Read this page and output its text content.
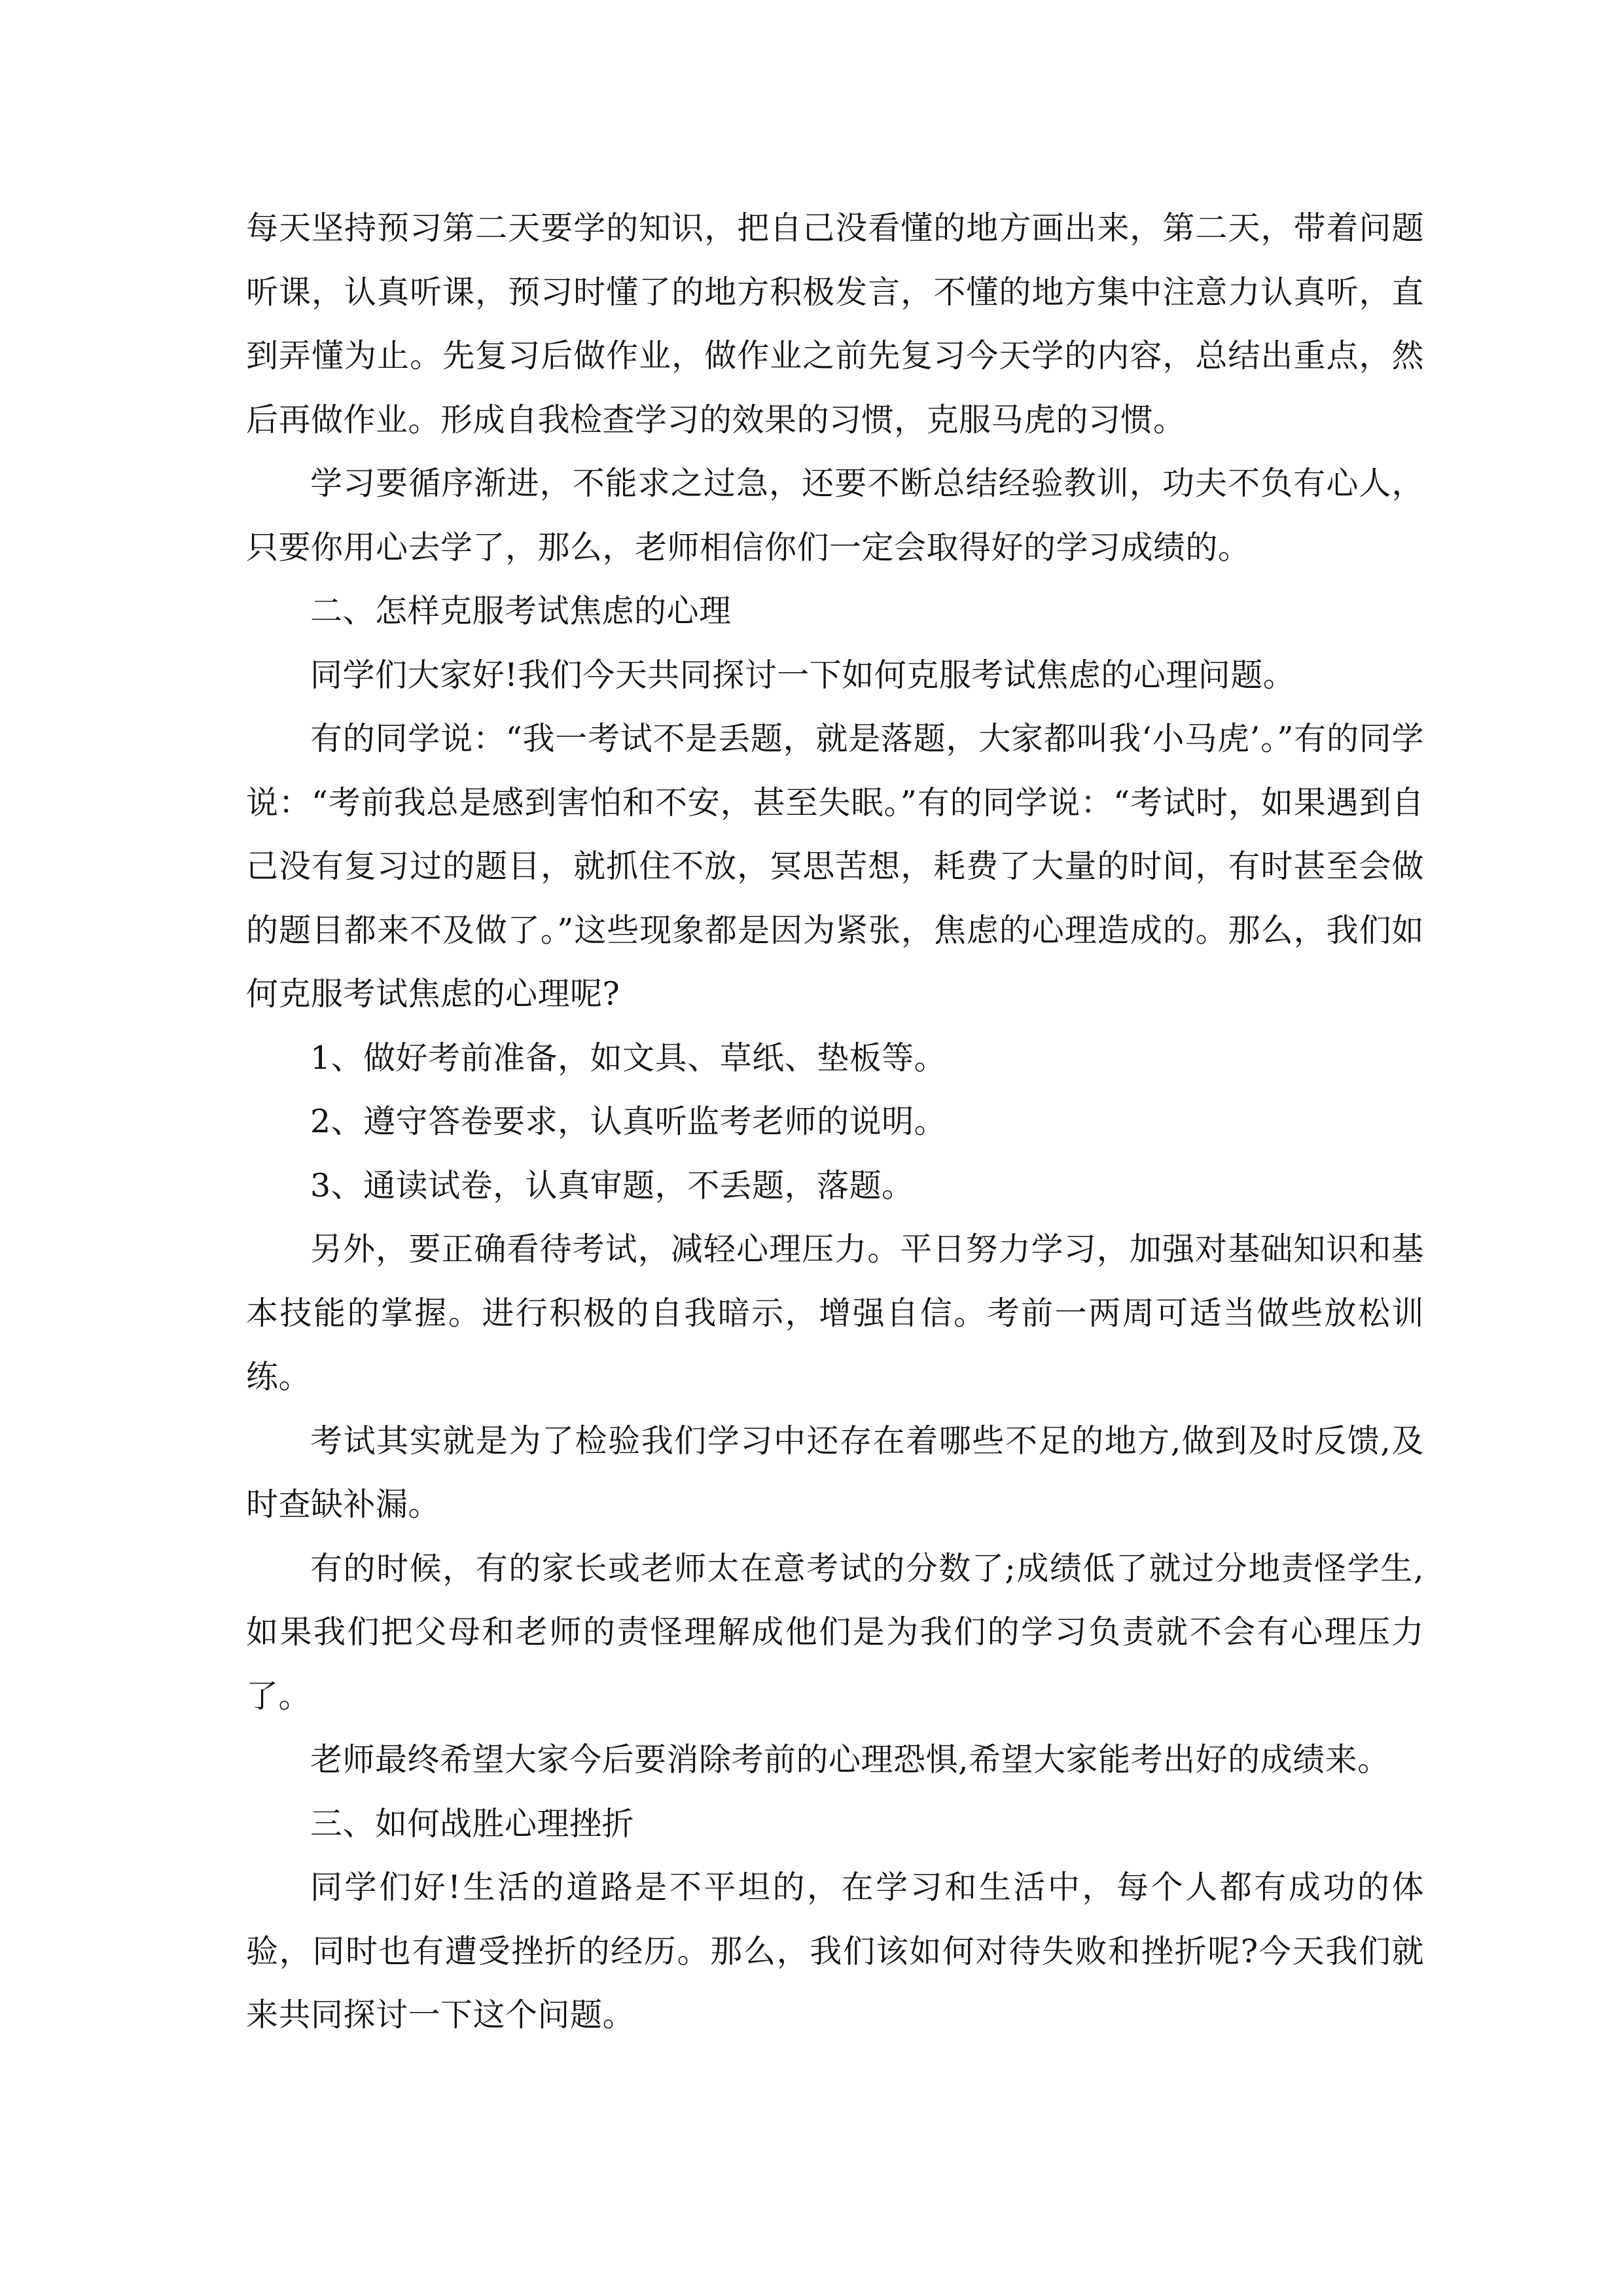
每天坚持预习第二天要学的知识，把自己没看懂的地方画出来，第二天，带着问题听课，认真听课，预习时懂了的地方积极发言，不懂的地方集中注意力认真听，直到弄懂为止。先复习后做作业，做作业之前先复习今天学的内容，总结出重点，然后再做作业。形成自我检查学习的效果的习惯，克服马虎的习惯。

学习要循序渐进，不能求之过急，还要不断总结经验教训，功夫不负有心人，只要你用心去学了，那么，老师相信你们一定会取得好的学习成绩的。

二、怎样克服考试焦虑的心理

同学们大家好!我们今天共同探讨一下如何克服考试焦虑的心理问题。

有的同学说：“我一考试不是丢题，就是落题，大家都叫我‘小马虎’。”有的同学说：“考前我总是感到害怕和不安，甚至失眠。”有的同学说：“考试时，如果遇到自己没有复习过的题目，就抓住不放，冥思苦想，耗费了大量的时间，有时甚至会做的题目都来不及做了。”这些现象都是因为紧张，焦虑的心理造成的。那么，我们如何克服考试焦虑的心理呢?

1、做好考前准备，如文具、草纸、垫板等。

2、遵守答卷要求，认真听监考老师的说明。

3、通读试卷，认真审题，不丢题，落题。

另外，要正确看待考试，减轻心理压力。平日努力学习，加强对基础知识和基本技能的掌握。进行积极的自我暗示，增强自信。考前一两周可适当做些放松训练。

考试其实就是为了检验我们学习中还存在着哪些不足的地方,做到及时反馈,及时查缺补漏。

有的时候，有的家长或老师太在意考试的分数了;成绩低了就过分地责怪学生,如果我们把父母和老师的责怪理解成他们是为我们的学习负责就不会有心理压力了。

老师最终希望大家今后要消除考前的心理恐惧,希望大家能考出好的成绩来。

三、如何战胜心理挫折

同学们好!生活的道路是不平坦的，在学习和生活中，每个人都有成功的体验，同时也有遭受挫折的经历。那么，我们该如何对待失败和挫折呢?今天我们就来共同探讨一下这个问题。
